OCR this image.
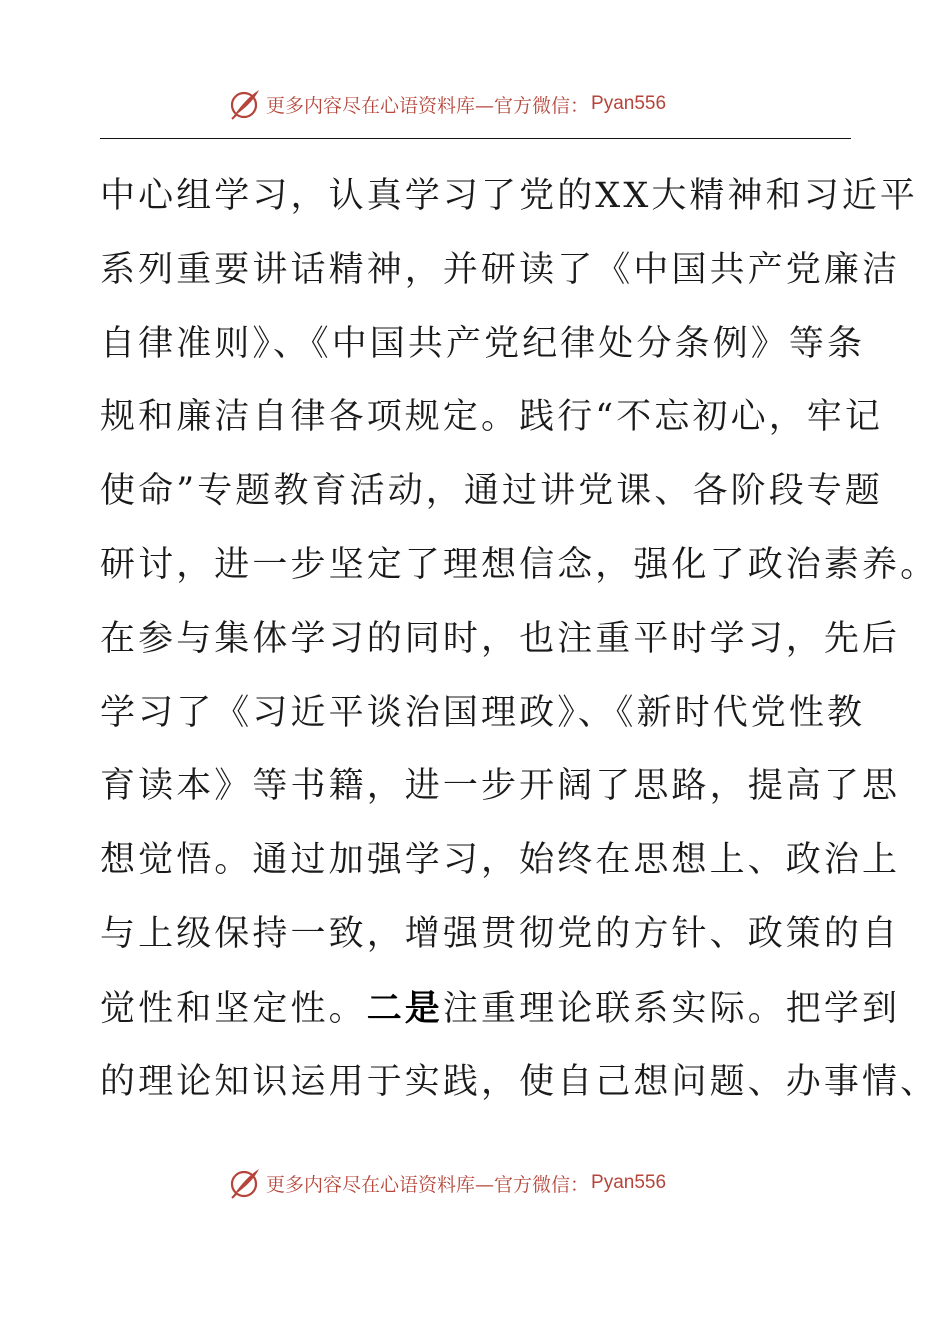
更多内容尽在心语资料库—官方微信： Pyan556
中心组学习，认真学习了党的XX大精神和习近平
系列重要讲话精神，并研读了《中国共产党廉洁
自律准则》、《中国共产党纪律处分条例》等条
规和廉洁自律各项规定。践行“不忘初心，牢记
使命”专题教育活动，通过讲党课、各阶段专题
研讨，进一步坚定了理想信念，强化了政治素养。
在参与集体学习的同时，也注重平时学习，先后
学习了《习近平谈治国理政》、《新时代党性教
育读本》等书籍，进一步开阔了思路，提高了思
想觉悟。通过加强学习，始终在思想上、政治上
与上级保持一致，增强贯彻党的方针、政策的自
觉性和坚定性。二是注重理论联系实际。把学到
的理论知识运用于实践，使自己想问题、办事情、
更多内容尽在心语资料库—官方微信： Pyan556
